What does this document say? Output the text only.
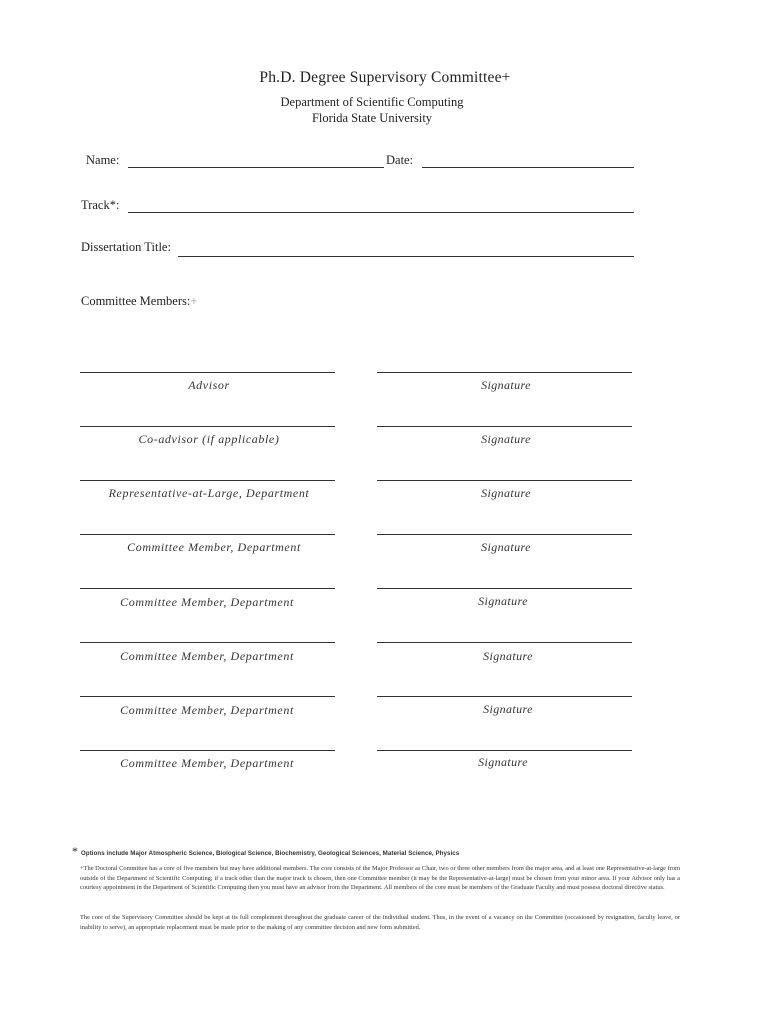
Ph.D. Degree Supervisory Committee+
Department of Scientific Computing
Florida State University
Name:	Date:
Track*:
Dissertation Title:
Committee Members:+
Advisor	Signature
Co-advisor (if applicable)	Signature
Representative-at-Large, Department	Signature
Committee Member, Department	Signature
Committee Member, Department	Signature
Committee Member, Department	Signature
Committee Member, Department	Signature
Committee Member, Department	Signature
* Options include Major Atmospheric Science, Biological Science, Biochemistry, Geological Sciences, Material Science, Physics
+The Doctoral Committee has a core of five members but may have additional members. The core consists of the Major Professor as Chair, two or three other members from the major area, and at least one Representative-at-large from outside of the Department of Scientific Computing; if a track other than the major track is chosen, then one Committee member (it may be the Representative-at-large) must be chosen from your minor area. If your Advisor only has a courtesy appointment in the Department of Scientific Computing then you must have an advisor from the Department. All members of the core must be members of the Graduate Faculty and must possess doctoral directive status.
The core of the Supervisory Committee should be kept at its full complement throughout the graduate career of the individual student. Thus, in the event of a vacancy on the Committee (occasioned by resignation, faculty leave, or inability to serve), an appropriate replacement must be made prior to the making of any committee decision and new form submitted.
